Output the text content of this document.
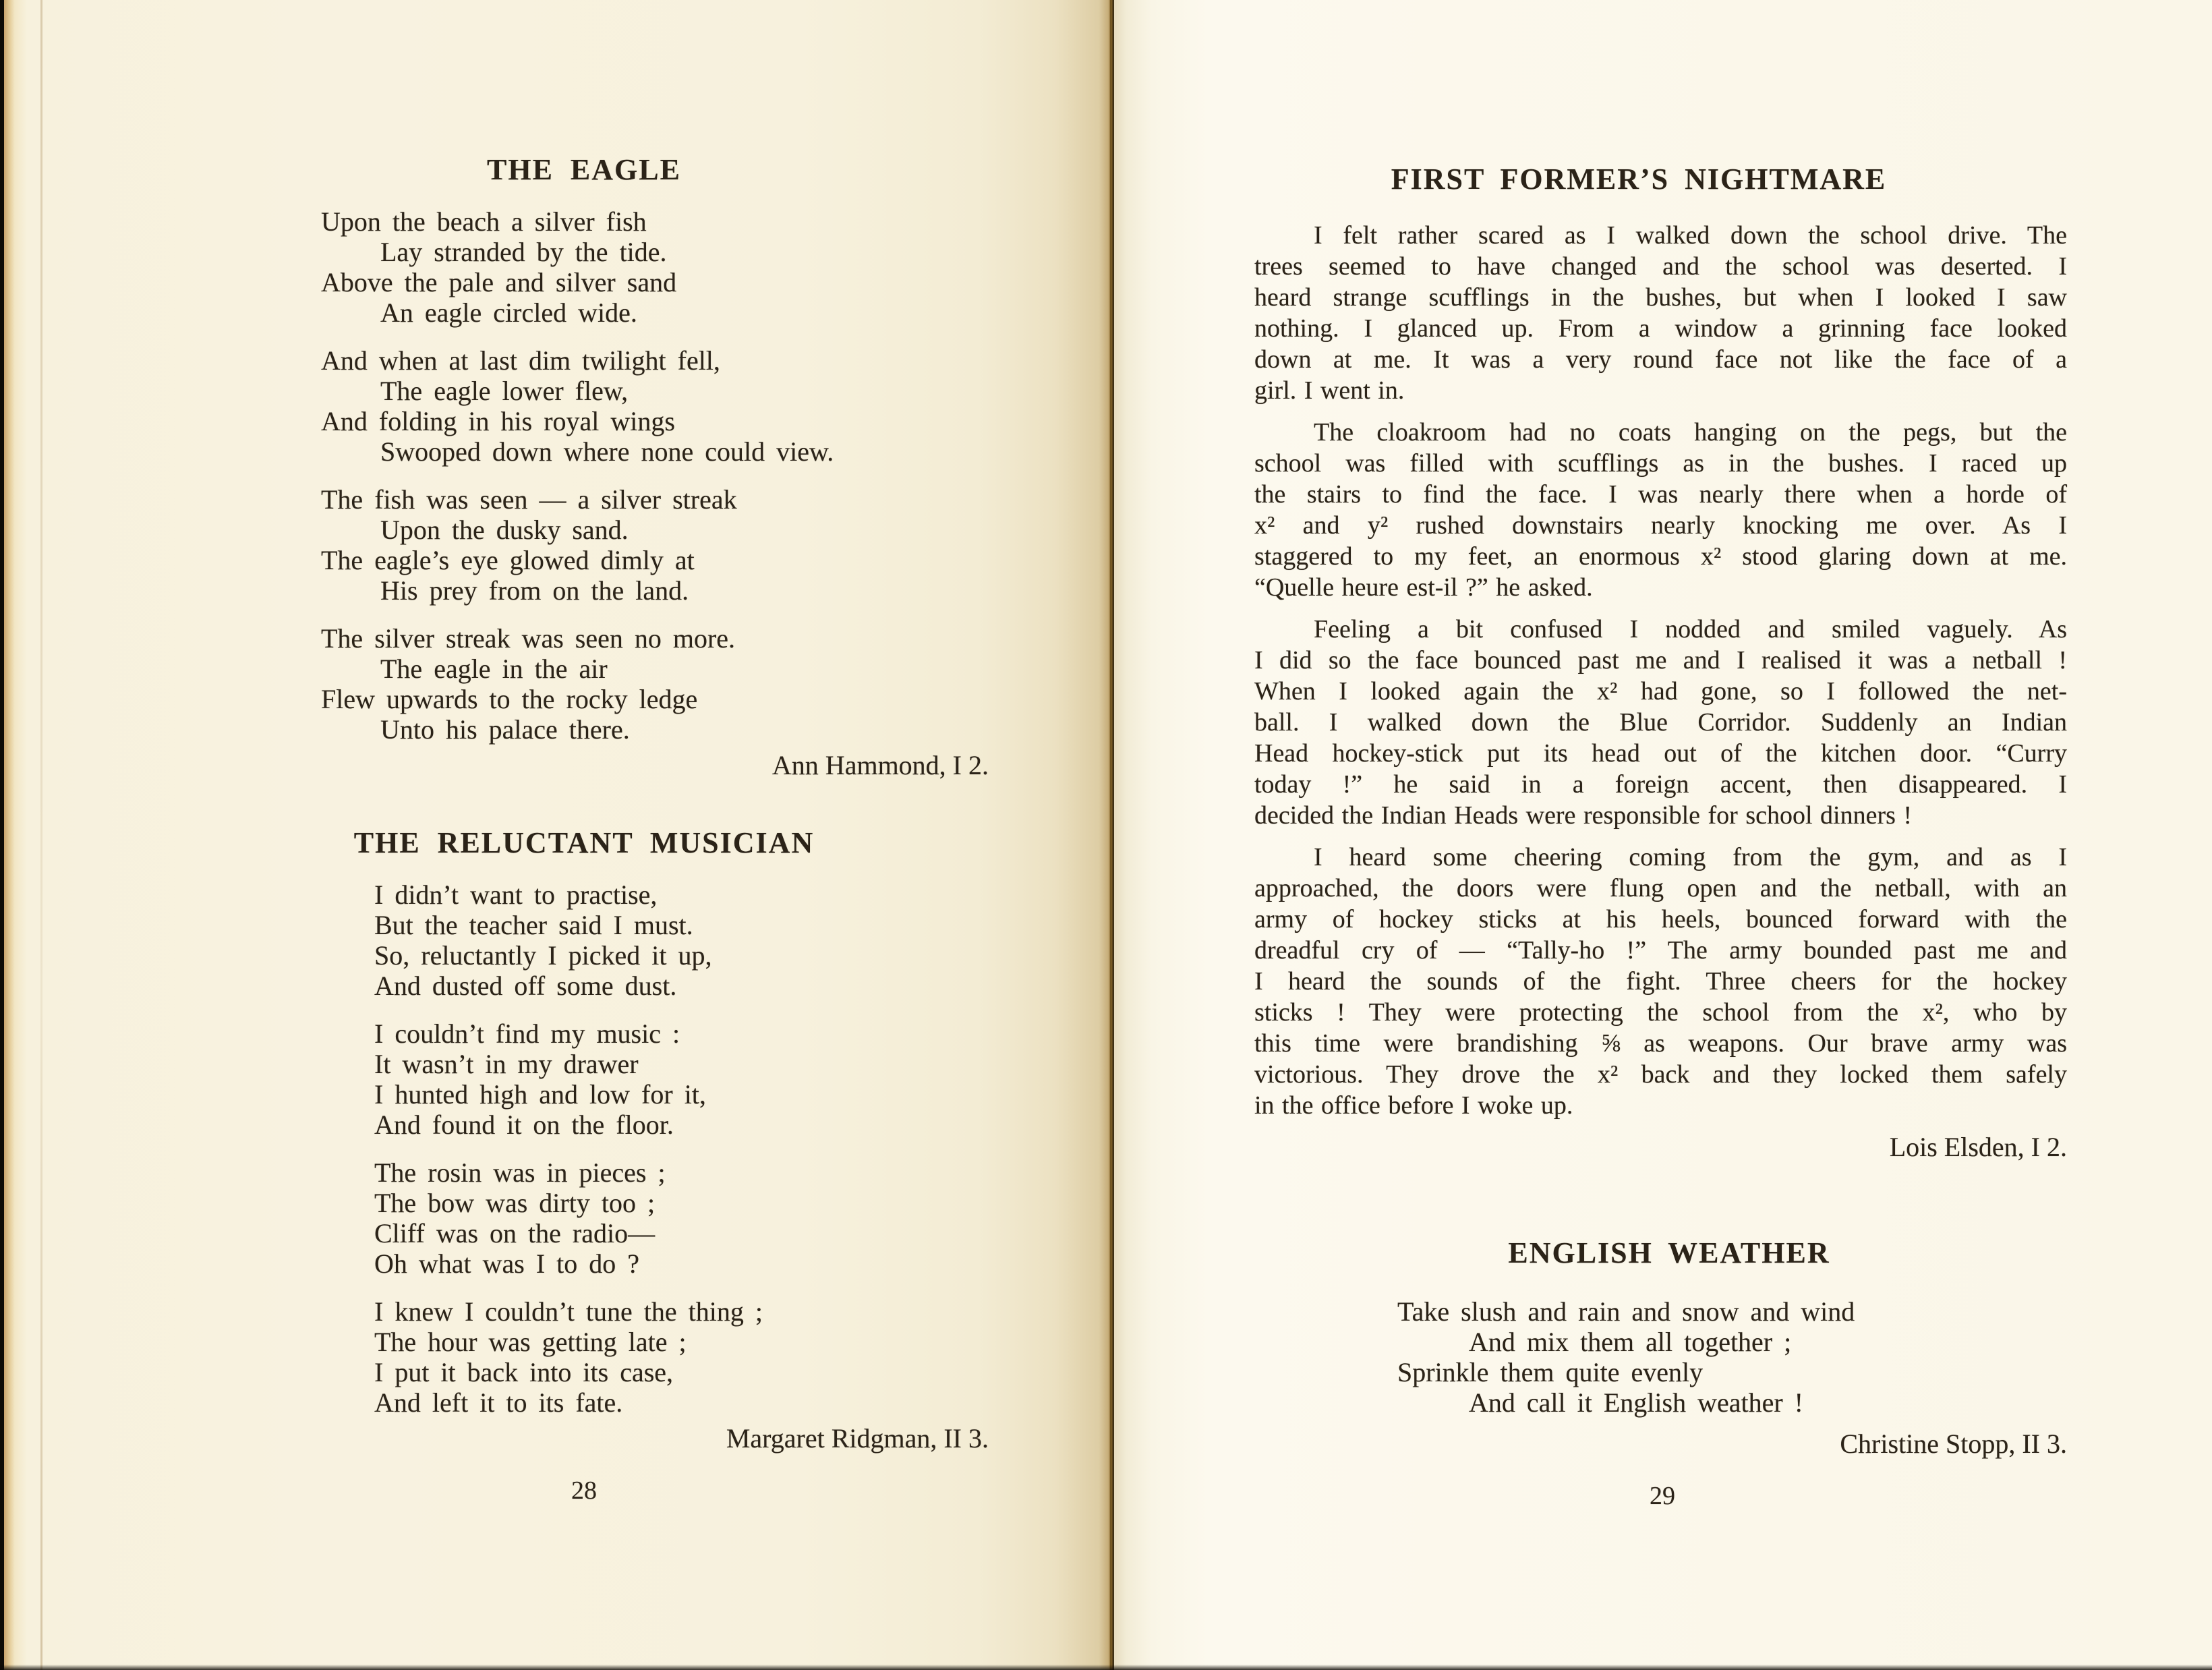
THE EAGLE
Upon the beach a silver fish
Lay stranded by the tide.
Above the pale and silver sand
An eagle circled wide.
And when at last dim twilight fell,
The eagle lower flew,
And folding in his royal wings
Swooped down where none could view.
The fish was seen — a silver streak
Upon the dusky sand.
The eagle’s eye glowed dimly at
His prey from on the land.
The silver streak was seen no more.
The eagle in the air
Flew upwards to the rocky ledge
Unto his palace there.
Ann Hammond, I 2.
THE RELUCTANT MUSICIAN
I didn’t want to practise,
But the teacher said I must.
So, reluctantly I picked it up,
And dusted off some dust.
I couldn’t find my music :
It wasn’t in my drawer
I hunted high and low for it,
And found it on the floor.
The rosin was in pieces ;
The bow was dirty too ;
Cliff was on the radio—
Oh what was I to do ?
I knew I couldn’t tune the thing ;
The hour was getting late ;
I put it back into its case,
And left it to its fate.
Margaret Ridgman, II 3.
28
FIRST FORMER’S NIGHTMARE
I felt rather scared as I walked down the school drive. The
trees seemed to have changed and the school was deserted. I
heard strange scufflings in the bushes, but when I looked I saw
nothing. I glanced up. From a window a grinning face looked
down at me. It was a very round face not like the face of a
girl. I went in.
The cloakroom had no coats hanging on the pegs, but the
school was filled with scufflings as in the bushes. I raced up
the stairs to find the face. I was nearly there when a horde of
x² and y² rushed downstairs nearly knocking me over. As I
staggered to my feet, an enormous x² stood glaring down at me.
“Quelle heure est-il ?” he asked.
Feeling a bit confused I nodded and smiled vaguely. As
I did so the face bounced past me and I realised it was a netball !
When I looked again the x² had gone, so I followed the net-
ball. I walked down the Blue Corridor. Suddenly an Indian
Head hockey-stick put its head out of the kitchen door. “Curry
today !” he said in a foreign accent, then disappeared. I
decided the Indian Heads were responsible for school dinners !
I heard some cheering coming from the gym, and as I
approached, the doors were flung open and the netball, with an
army of hockey sticks at his heels, bounced forward with the
dreadful cry of — “Tally-ho !” The army bounded past me and
I heard the sounds of the fight. Three cheers for the hockey
sticks ! They were protecting the school from the x², who by
this time were brandishing ⅝ as weapons. Our brave army was
victorious. They drove the x² back and they locked them safely
in the office before I woke up.
Lois Elsden, I 2.
ENGLISH WEATHER
Take slush and rain and snow and wind
And mix them all together ;
Sprinkle them quite evenly
And call it English weather !
Christine Stopp, II 3.
29
